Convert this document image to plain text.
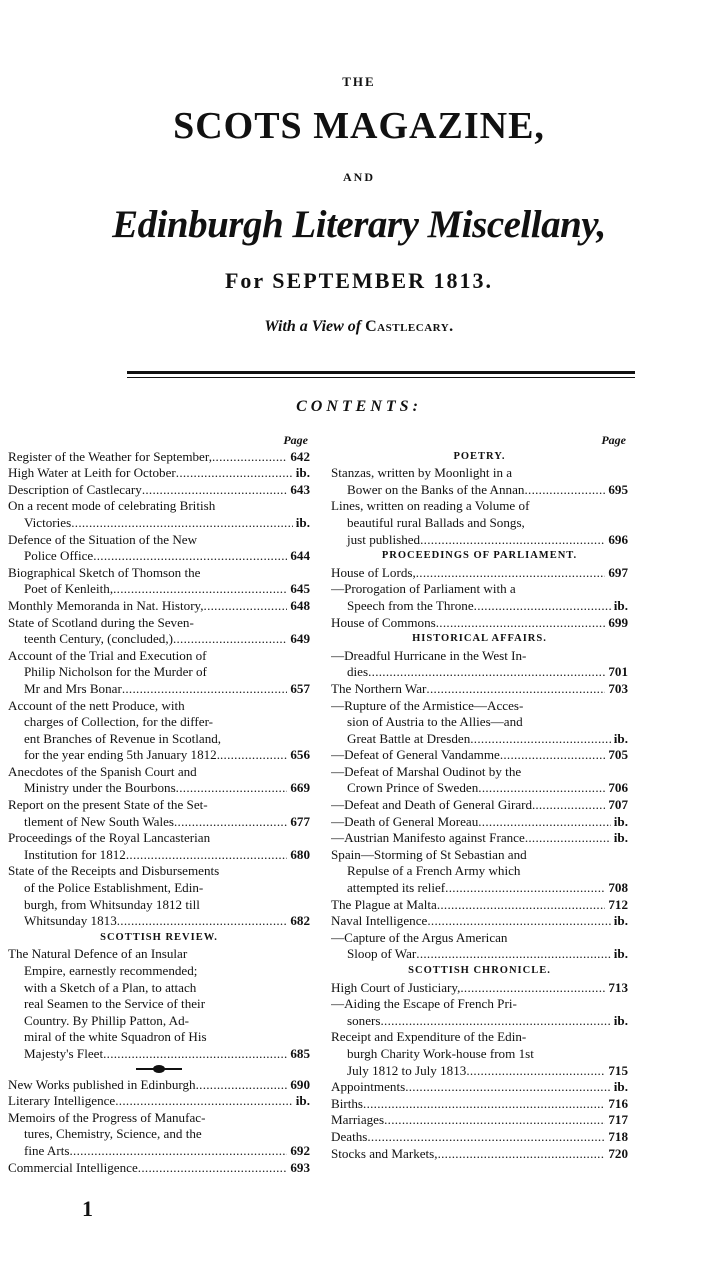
THE
SCOTS MAGAZINE,
AND
Edinburgh Literary Miscellany,
For SEPTEMBER 1813.
With a View of Castlecary.
CONTENTS:
Page
Register of the Weather for September, . . .	642
High Water at Leith for October . . .	ib.
Description of Castlecary . . .	643
On a recent mode of celebrating British
Victories . . .	ib.
Defence of the Situation of the New
Police Office . . .	644
Biographical Sketch of Thomson the
Poet of Kenleith, . . .	645
Monthly Memoranda in Nat. History, . . .	648
State of Scotland during the Seven-
teenth Century, (concluded,) . . .	649
Account of the Trial and Execution of
Philip Nicholson for the Murder of
Mr and Mrs Bonar . . .	657
Account of the nett Produce, with
charges of Collection, for the differ-
ent Branches of Revenue in Scotland,
for the year ending 5th January 1812. . . .	656
Anecdotes of the Spanish Court and
Ministry under the Bourbons . . .	669
Report on the present State of the Set-
tlement of New South Wales . . .	677
Proceedings of the Royal Lancasterian
Institution for 1812 . . .	680
State of the Receipts and Disbursements
of the Police Establishment, Edin-
burgh, from Whitsunday 1812 till
Whitsunday 1813 . . .	682
SCOTTISH REVIEW.
The Natural Defence of an Insular
Empire, earnestly recommended;
with a Sketch of a Plan, to attach
real Seamen to the Service of their
Country. By Phillip Patton, Ad-
miral of the white Squadron of His
Majesty's Fleet . . .	685
New Works published in Edinburgh . . .	690
Literary Intelligence . . .	ib.
Memoirs of the Progress of Manufac-
tures, Chemistry, Science, and the
fine Arts . . .	692
Commercial Intelligence . . .	693
Page
POETRY.
Stanzas, written by Moonlight in a
Bower on the Banks of the Annan . . .	695
Lines, written on reading a Volume of
beautiful rural Ballads and Songs,
just published . . .	696
PROCEEDINGS OF PARLIAMENT.
House of Lords, . . .	697
—Prorogation of Parliament with a
Speech from the Throne . . .	ib.
House of Commons . . .	699
HISTORICAL AFFAIRS.
—Dreadful Hurricane in the West In-
dies . . .	701
The Northern War . . .	703
—Rupture of the Armistice—Acces-
sion of Austria to the Allies—and
Great Battle at Dresden . . .	ib.
—Defeat of General Vandamme . . .	705
—Defeat of Marshal Oudinot by the
Crown Prince of Sweden . . .	706
—Defeat and Death of General Girard. . . .	707
—Death of General Moreau . . .	ib.
—Austrian Manifesto against France . . .	ib.
Spain—Storming of St Sebastian and
Repulse of a French Army which
attempted its relief . . .	708
The Plague at Malta . . .	712
Naval Intelligence . . .	ib.
—Capture of the Argus American
Sloop of War . . .	ib.
SCOTTISH CHRONICLE.
High Court of Justiciary, . . .	713
—Aiding the Escape of French Pri-
soners . . .	ib.
Receipt and Expenditure of the Edin-
burgh Charity Work-house from 1st
July 1812 to July 1813 . . .	715
Appointments . . .	ib.
Births . . .	716
Marriages . . .	717
Deaths . . .	718
Stocks and Markets, . . .	720
1
